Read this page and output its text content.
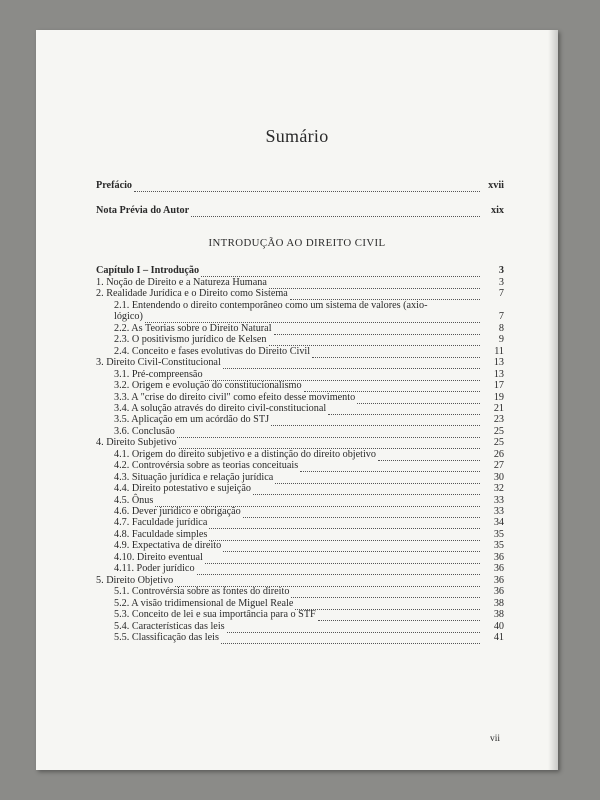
Sumário
Prefácio	xvii
Nota Prévia do Autor	xix
INTRODUÇÃO AO DIREITO CIVIL
Capítulo I – Introdução	3
1. Noção de Direito e a Natureza Humana	3
2. Realidade Jurídica e o Direito como Sistema	7
2.1. Entendendo o direito contemporâneo como um sistema de valores (axio-
lógico)	7
2.2. As Teorias sobre o Direito Natural	8
2.3. O positivismo jurídico de Kelsen	9
2.4. Conceito e fases evolutivas do Direito Civil	11
3. Direito Civil-Constitucional	13
3.1. Pré-compreensão	13
3.2. Origem e evolução do constitucionalismo	17
3.3. A "crise do direito civil" como efeito desse movimento	19
3.4. A solução através do direito civil-constitucional	21
3.5. Aplicação em um acórdão do STJ	23
3.6. Conclusão	25
4. Direito Subjetivo	25
4.1. Origem do direito subjetivo e a distinção do direito objetivo	26
4.2. Controvérsia sobre as teorias conceituais	27
4.3. Situação jurídica e relação jurídica	30
4.4. Direito potestativo e sujeição	32
4.5. Ônus	33
4.6. Dever jurídico e obrigação	33
4.7. Faculdade jurídica	34
4.8. Faculdade simples	35
4.9. Expectativa de direito	35
4.10. Direito eventual	36
4.11. Poder jurídico	36
5. Direito Objetivo	36
5.1. Controvérsia sobre as fontes do direito	36
5.2. A visão tridimensional de Miguel Reale	38
5.3. Conceito de lei e sua importância para o STF	38
5.4. Características das leis	40
5.5. Classificação das leis	41
vii
